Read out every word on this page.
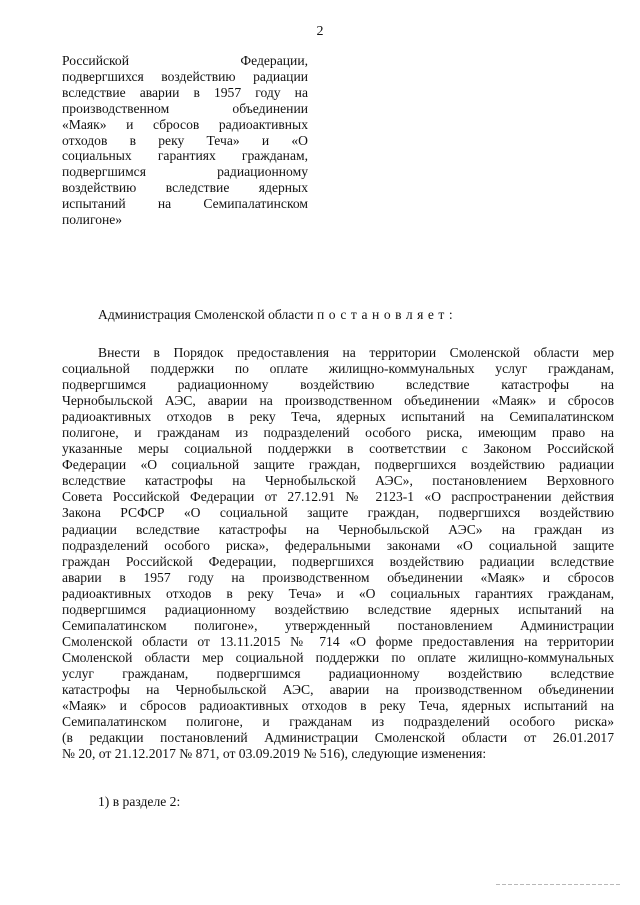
2
Российской Федерации,
подвергшихся воздействию радиации
вследствие аварии в 1957 году на
производственном объединении
«Маяк» и сбросов радиоактивных
отходов в реку Теча» и «О
социальных гарантиях гражданам,
подвергшимся радиационному
воздействию вследствие ядерных
испытаний на Семипалатинском
полигоне»
Администрация Смоленской области постановляет:
Внести в Порядок предоставления на территории Смоленской области мер
социальной поддержки по оплате жилищно-коммунальных услуг гражданам,
подвергшимся радиационному воздействию вследствие катастрофы на
Чернобыльской АЭС, аварии на производственном объединении «Маяк» и сбросов
радиоактивных отходов в реку Теча, ядерных испытаний на Семипалатинском
полигоне, и гражданам из подразделений особого риска, имеющим право на
указанные меры социальной поддержки в соответствии с Законом Российской
Федерации «О социальной защите граждан, подвергшихся воздействию радиации
вследствие катастрофы на Чернобыльской АЭС», постановлением Верховного
Совета Российской Федерации от 27.12.91 № 2123-1 «О распространении действия
Закона РСФСР «О социальной защите граждан, подвергшихся воздействию
радиации вследствие катастрофы на Чернобыльской АЭС» на граждан из
подразделений особого риска», федеральными законами «О социальной защите
граждан Российской Федерации, подвергшихся воздействию радиации вследствие
аварии в 1957 году на производственном объединении «Маяк» и сбросов
радиоактивных отходов в реку Теча» и «О социальных гарантиях гражданам,
подвергшимся радиационному воздействию вследствие ядерных испытаний на
Семипалатинском полигоне», утвержденный постановлением Администрации
Смоленской области от 13.11.2015 № 714 «О форме предоставления на территории
Смоленской области мер социальной поддержки по оплате жилищно-коммунальных
услуг гражданам, подвергшимся радиационному воздействию вследствие
катастрофы на Чернобыльской АЭС, аварии на производственном объединении
«Маяк» и сбросов радиоактивных отходов в реку Теча, ядерных испытаний на
Семипалатинском полигоне, и гражданам из подразделений особого риска»
(в редакции постановлений Администрации Смоленской области от 26.01.2017
№ 20, от 21.12.2017 № 871, от 03.09.2019 № 516), следующие изменения:
1) в разделе 2:
